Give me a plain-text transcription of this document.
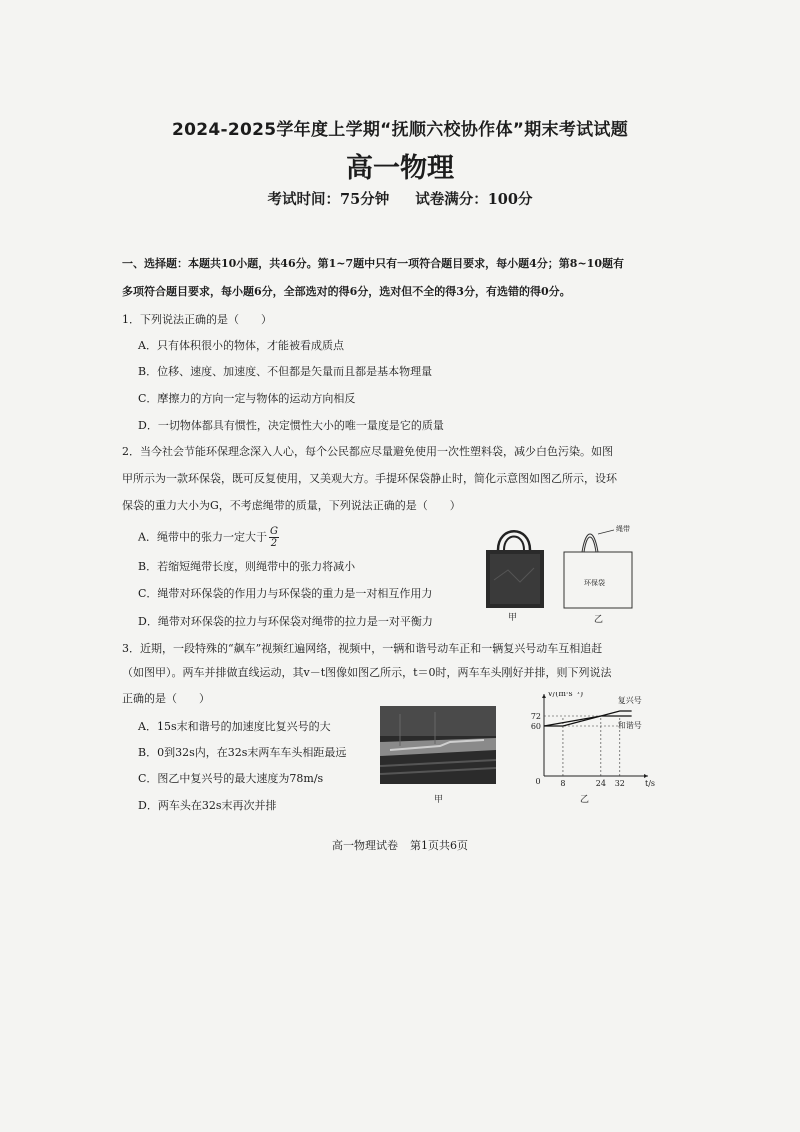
2024-2025学年度上学期“抚顺六校协作体”期末考试试题
高一物理
考试时间：75分钟 试卷满分：100分
一、选择题：本题共10小题，共46分。第1~7题中只有一项符合题目要求，每小题4分；第8~10题有
多项符合题目要求，每小题6分，全部选对的得6分，选对但不全的得3分，有选错的得0分。
1．下列说法正确的是（　　）
A．只有体积很小的物体，才能被看成质点
B．位移、速度、加速度、不但都是矢量而且都是基本物理量
C．摩擦力的方向一定与物体的运动方向相反
D．一切物体都具有惯性，决定惯性大小的唯一量度是它的质量
2．当今社会节能环保理念深入人心，每个公民都应尽量避免使用一次性塑料袋，减少白色污染。如图
甲所示为一款环保袋，既可反复使用，又美观大方。手提环保袋静止时，简化示意图如图乙所示，设环
保袋的重力大小为G，不考虑绳带的质量，下列说法正确的是（　　）
A．绳带中的张力一定大于 $\frac{G}{2}$
B．若缩短绳带长度，则绳带中的张力将减小
C．绳带对环保袋的作用力与环保袋的重力是一对相互作用力
D．绳带对环保袋的拉力与环保袋对绳带的拉力是一对平衡力	甲
绳带
环保袋
乙
3．近期，一段特殊的“飙车”视频红遍网络，视频中，一辆和谐号动车正和一辆复兴号动车互相追赶
（如图甲）。两车并排做直线运动，其v－t图像如图乙所示，t＝0时，两车车头刚好并排，则下列说法
正确的是（　　）
A．15s末和谐号的加速度比复兴号的大
B．0到32s内，在32s末两车车头相距最远
C．图乙中复兴号的最大速度为78m/s
D．两车头在32s末再次并排	甲
v/(m·s⁻¹)
t/s
0 8	24 32
60
72
复兴号
和谐号
乙
高一物理试卷 第1页共6页
